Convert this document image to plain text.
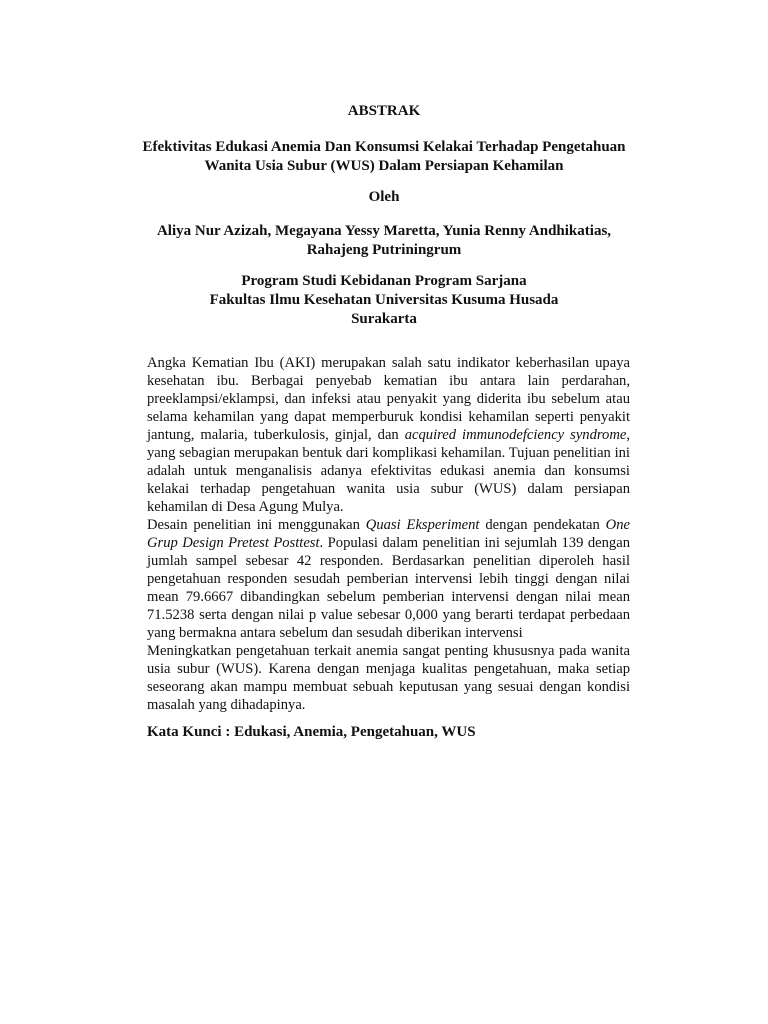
ABSTRAK

Efektivitas Edukasi Anemia Dan Konsumsi Kelakai Terhadap Pengetahuan

Wanita Usia Subur (WUS) Dalam Persiapan Kehamilan

Oleh

Aliya Nur Azizah, Megayana Yessy Maretta, Yunia Renny Andhikatias,

Rahajeng Putriningrum

Program Studi Kebidanan Program Sarjana

Fakultas Ilmu Kesehatan Universitas Kusuma Husada

Surakarta

Angka Kematian Ibu (AKI) merupakan salah satu indikator keberhasilan upaya kesehatan ibu. Berbagai penyebab kematian ibu antara lain perdarahan, preeklampsi/eklampsi, dan infeksi atau penyakit yang diderita ibu sebelum atau selama kehamilan yang dapat memperburuk kondisi kehamilan seperti penyakit jantung, malaria, tuberkulosis, ginjal, dan acquired immunodefciency syndrome, yang sebagian merupakan bentuk dari komplikasi kehamilan. Tujuan penelitian ini adalah untuk menganalisis adanya efektivitas edukasi anemia dan konsumsi kelakai terhadap pengetahuan wanita usia subur (WUS) dalam persiapan kehamilan di Desa Agung Mulya.

Desain penelitian ini menggunakan Quasi Eksperiment dengan pendekatan One Grup Design Pretest Posttest. Populasi dalam penelitian ini sejumlah 139 dengan jumlah sampel sebesar 42 responden. Berdasarkan penelitian diperoleh hasil pengetahuan responden sesudah pemberian intervensi lebih tinggi dengan nilai mean 79.6667 dibandingkan sebelum pemberian intervensi dengan nilai mean 71.5238 serta dengan nilai p value sebesar 0,000 yang berarti terdapat perbedaan yang bermakna antara sebelum dan sesudah diberikan intervensi

Meningkatkan pengetahuan terkait anemia sangat penting khususnya pada wanita usia subur (WUS). Karena dengan menjaga kualitas pengetahuan, maka setiap seseorang akan mampu membuat sebuah keputusan yang sesuai dengan kondisi masalah yang dihadapinya.

Kata Kunci : Edukasi, Anemia, Pengetahuan, WUS
